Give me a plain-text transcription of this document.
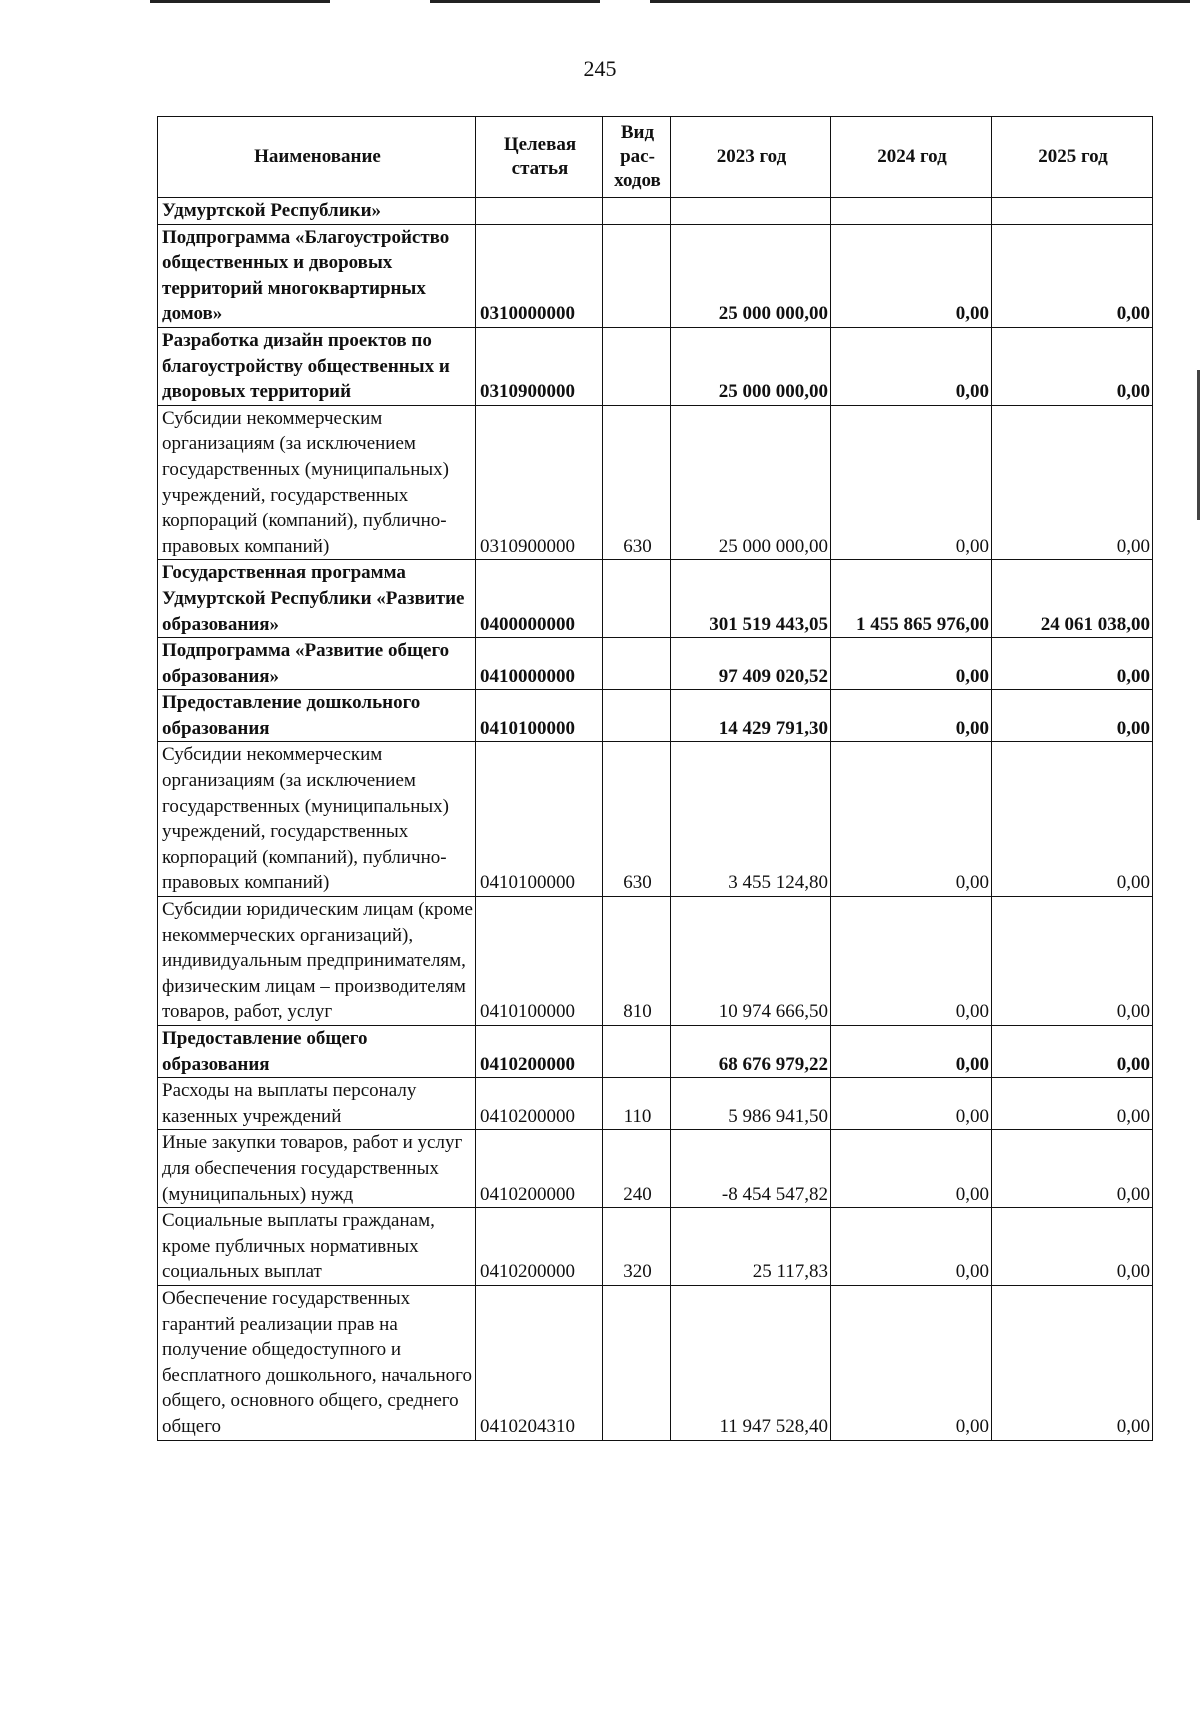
245
Наименование	Целевая статья	Вид рас-ходов	2023 год	2024 год	2025 год
Удмуртской Республики»					
Подпрограмма «Благоустройство общественных и дворовых территорий многоквартирных домов»	0310000000		25 000 000,00	0,00	0,00
Разработка дизайн проектов по благоустройству общественных и дворовых территорий	0310900000		25 000 000,00	0,00	0,00
Субсидии некоммерческим организациям (за исключением государственных (муниципальных) учреждений, государственных корпораций (компаний), публично-правовых компаний)	0310900000	630	25 000 000,00	0,00	0,00
Государственная программа Удмуртской Республики «Развитие образования»	0400000000		301 519 443,05	1 455 865 976,00	24 061 038,00
Подпрограмма «Развитие общего образования»	0410000000		97 409 020,52	0,00	0,00
Предоставление дошкольного образования	0410100000		14 429 791,30	0,00	0,00
Субсидии некоммерческим организациям (за исключением государственных (муниципальных) учреждений, государственных корпораций (компаний), публично-правовых компаний)	0410100000	630	3 455 124,80	0,00	0,00
Субсидии юридическим лицам (кроме некоммерческих организаций), индивидуальным предпринимателям, физическим лицам – производителям товаров, работ, услуг	0410100000	810	10 974 666,50	0,00	0,00
Предоставление общего образования	0410200000		68 676 979,22	0,00	0,00
Расходы на выплаты персоналу казенных учреждений	0410200000	110	5 986 941,50	0,00	0,00
Иные закупки товаров, работ и услуг для обеспечения государственных (муниципальных) нужд	0410200000	240	-8 454 547,82	0,00	0,00
Социальные выплаты гражданам, кроме публичных нормативных социальных выплат	0410200000	320	25 117,83	0,00	0,00
Обеспечение государственных гарантий реализации прав на получение общедоступного и бесплатного дошкольного, начального общего, основного общего, среднего общего	0410204310		11 947 528,40	0,00	0,00
